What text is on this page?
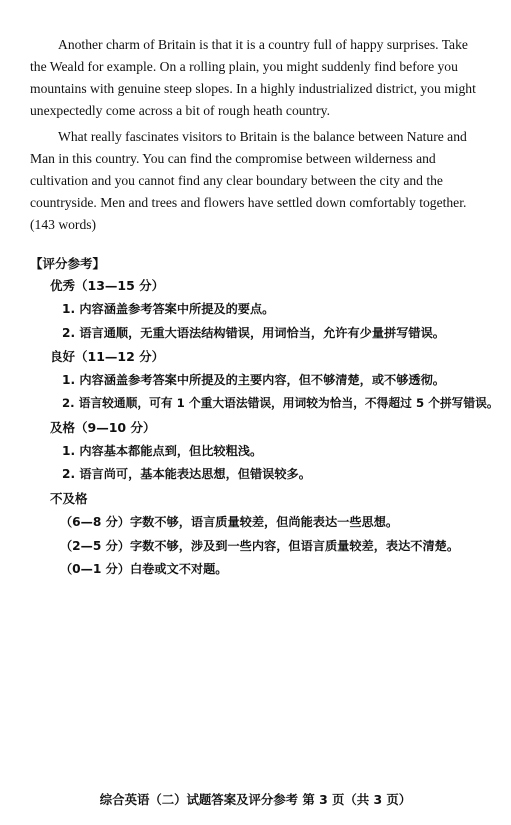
Another charm of Britain is that it is a country full of happy surprises. Take
the Weald for example. On a rolling plain, you might suddenly find before you
mountains with genuine steep slopes. In a highly industrialized district, you might
unexpectedly come across a bit of rough heath country.
What really fascinates visitors to Britain is the balance between Nature and
Man in this country. You can find the compromise between wilderness and
cultivation and you cannot find any clear boundary between the city and the
countryside. Men and trees and flowers have settled down comfortably together.
(143 words)
【评分参考】
优秀（13—15 分）
1. 内容涵盖参考答案中所提及的要点。
2. 语言通顺，无重大语法结构错误，用词恰当，允许有少量拼写错误。
良好（11—12 分）
1. 内容涵盖参考答案中所提及的主要内容，但不够清楚，或不够透彻。
2. 语言较通顺，可有 1 个重大语法错误，用词较为恰当，不得超过 5 个拼写错误。
及格（9—10 分）
1. 内容基本都能点到，但比较粗浅。
2. 语言尚可，基本能表达思想，但错误较多。
不及格
（6—8 分）字数不够，语言质量较差，但尚能表达一些思想。
（2—5 分）字数不够，涉及到一些内容，但语言质量较差，表达不清楚。
（0—1 分）白卷或文不对题。
综合英语（二）试题答案及评分参考 第 3 页（共 3 页）
